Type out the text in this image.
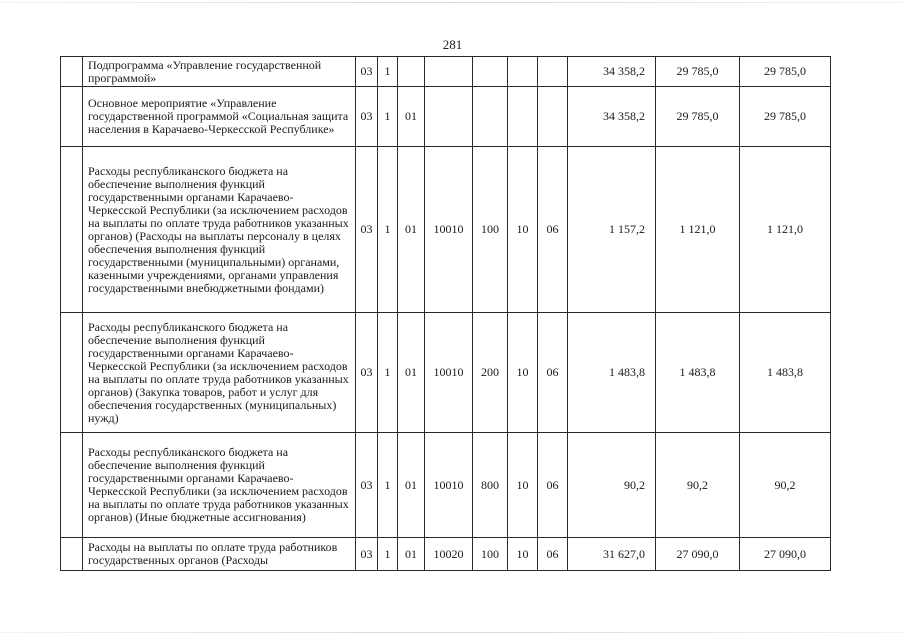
281
	Подпрограмма «Управление государственной программой»	03	1						34 358,2	29 785,0	29 785,0
	Основное мероприятие «Управление государственной программой «Социальная защита населения в Карачаево-Черкесской Республике»	03	1	01					34 358,2	29 785,0	29 785,0
	Расходы республиканского бюджета на обеспечение выполнения функций государственными органами Карачаево-Черкесской Республики (за исключением расходов на выплаты по оплате труда работников указанных органов) (Расходы на выплаты персоналу в целях обеспечения выполнения функций государственными (муниципальными) органами, казенными учреждениями, органами управления государственными внебюджетными фондами)	03	1	01	10010	100	10	06	1 157,2	1 121,0	1 121,0
	Расходы республиканского бюджета на обеспечение выполнения функций государственными органами Карачаево-Черкесской Республики (за исключением расходов на выплаты по оплате труда работников указанных органов) (Закупка товаров, работ и услуг для обеспечения государственных (муниципальных) нужд)	03	1	01	10010	200	10	06	1 483,8	1 483,8	1 483,8
	Расходы республиканского бюджета на обеспечение выполнения функций государственными органами Карачаево-Черкесской Республики (за исключением расходов на выплаты по оплате труда работников указанных органов) (Иные бюджетные ассигнования)	03	1	01	10010	800	10	06	90,2	90,2	90,2
	Расходы на выплаты по оплате труда работников государственных органов (Расходы	03	1	01	10020	100	10	06	31 627,0	27 090,0	27 090,0
